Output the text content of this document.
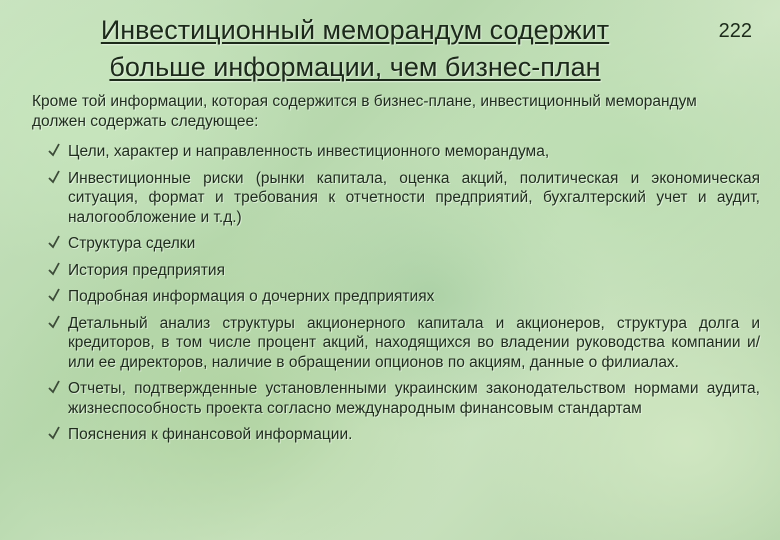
Инвестиционный меморандум содержит
больше информации, чем бизнес-план
222
Кроме той информации, которая содержится в бизнес-плане, инвестиционный меморандум должен содержать следующее:
Цели, характер и направленность инвестиционного меморандума,
Инвестиционные риски (рынки капитала, оценка акций, политическая и экономическая ситуация, формат и требования к отчетности предприятий, бухгалтерский учет и аудит, налогообложение и т.д.)
Структура сделки
История предприятия
Подробная информация о дочерних предприятиях
Детальный анализ структуры акционерного капитала и акционеров, структура долга и кредиторов, в том числе процент акций, находящихся во владении руководства компании и/или ее директоров, наличие в обращении опционов по акциям, данные о филиалах.
Отчеты, подтвержденные установленными украинским законодательством нормами аудита, жизнеспособность проекта согласно международным финансовым стандартам
Пояснения к финансовой информации.
